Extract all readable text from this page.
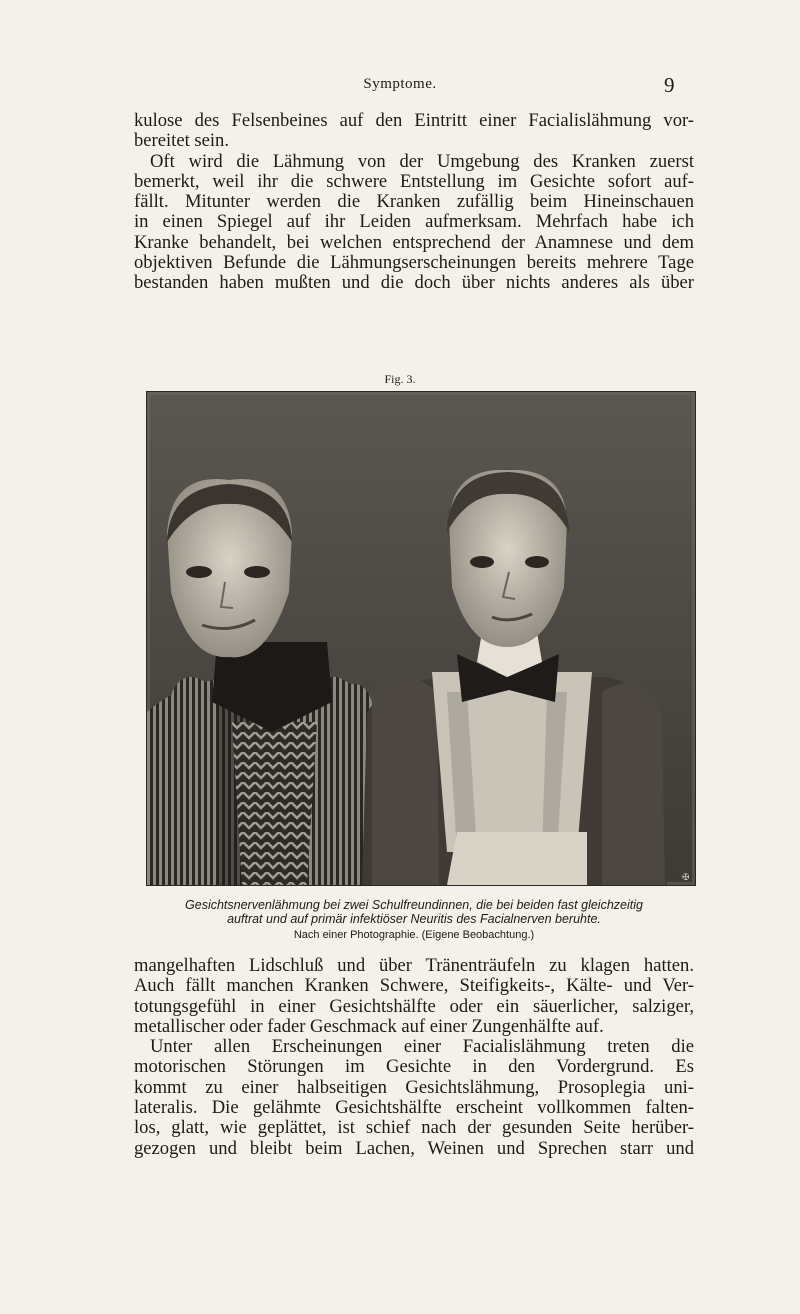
Symptome.	9
kulose des Felsenbeines auf den Eintritt einer Facialislähmung vor-
bereitet sein.
Oft wird die Lähmung von der Umgebung des Kranken zuerst
bemerkt, weil ihr die schwere Entstellung im Gesichte sofort auf-
fällt. Mitunter werden die Kranken zufällig beim Hineinschauen
in einen Spiegel auf ihr Leiden aufmerksam. Mehrfach habe ich
Kranke behandelt, bei welchen entsprechend der Anamnese und dem
objektiven Befunde die Lähmungserscheinungen bereits mehrere Tage
bestanden haben mußten und die doch über nichts anderes als über
Fig. 3.
✠
Gesichtsnervenlähmung bei zwei Schulfreundinnen, die bei beiden fast gleichzeitig
auftrat und auf primär infektiöser Neuritis des Facialnerven beruhte.
Nach einer Photographie. (Eigene Beobachtung.)
mangelhaften Lidschluß und über Tränenträufeln zu klagen hatten.
Auch fällt manchen Kranken Schwere, Steifigkeits-, Kälte- und Ver-
totungsgefühl in einer Gesichtshälfte oder ein säuerlicher, salziger,
metallischer oder fader Geschmack auf einer Zungenhälfte auf.
Unter allen Erscheinungen einer Facialislähmung treten die
motorischen Störungen im Gesichte in den Vordergrund. Es
kommt zu einer halbseitigen Gesichtslähmung, Prosoplegia uni-
lateralis. Die gelähmte Gesichtshälfte erscheint vollkommen falten-
los, glatt, wie geplättet, ist schief nach der gesunden Seite herüber-
gezogen und bleibt beim Lachen, Weinen und Sprechen starr und
